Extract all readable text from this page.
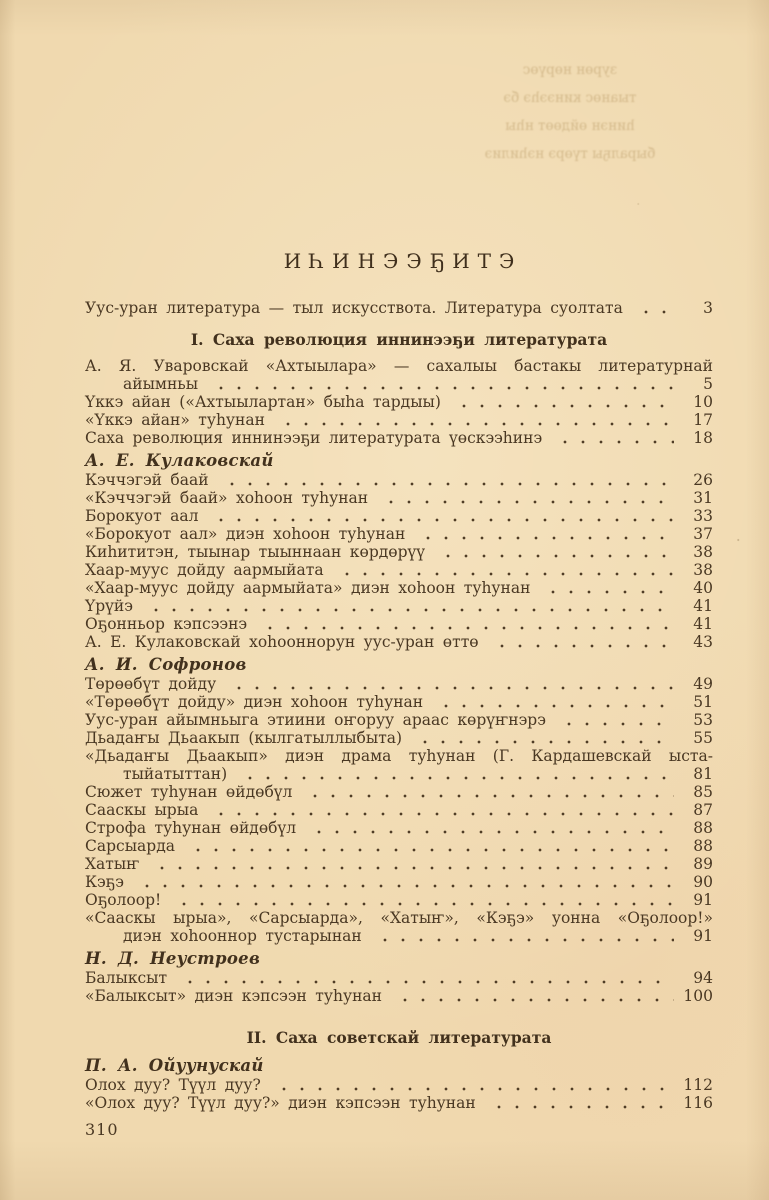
зурөн нөрүөс
тыанөс кинээһэ бэ
һинэн өйдөөт нһы
быралҕы түөрэ нэһилиэ
ИҺИНЭЭҔИТЭ
Уус-уран литература — тыл искусствота. Литература суолтата	3
I. Саха революция иннинээҕи литературата
А. Я. Уваровскай «Ахтыылара» — сахалыы бастакы литературнай
айымньы	5
Үккэ айан («Ахтыылартан» быһа тардыы)	10
«Үккэ айан» туһунан	17
Саха революция иннинээҕи литературата үөскээһинэ	18
А. Е. Кулаковскай
Кэччэгэй баай	26
«Кэччэгэй баай» хоһоон туһунан	31
Борокуот аал	33
«Борокуот аал» диэн хоһоон туһунан	37
Киһититэн, тыынар тыыннаан көрдөрүү	38
Хаар-муус дойду аармыйата	38
«Хаар-муус дойду аармыйата» диэн хоһоон туһунан	40
Үрүйэ	41
Оҕонньор кэпсээнэ	41
А. Е. Кулаковскай хоһооннорун уус-уран өттө	43
А. И. Софронов
Төрөөбүт дойду	49
«Төрөөбүт дойду» диэн хоһоон туһунан	51
Уус-уран айымньыга этиини оҥоруу араас көрүҥнэрэ	53
Дьадаҥы Дьаакып (кылгатыллыбыта)	55
«Дьадаҥы Дьаакып» диэн драма туһунан (Г. Кардашевскай ыста-
тыйатыттан)	81
Сюжет туһунан өйдөбүл	85
Сааскы ырыа	87
Строфа туһунан өйдөбүл	88
Сарсыарда	88
Хатыҥ	89
Кэҕэ	90
Оҕолоор!	91
«Сааскы ырыа», «Сарсыарда», «Хатыҥ», «Кэҕэ» уонна «Оҕолоор!»
диэн хоһооннор тустарынан	91
Н. Д. Неустроев
Балыксыт	94
«Балыксыт» диэн кэпсээн туһунан	100
II. Саха советскай литературата
П. А. Ойуунускай
Олох дуу? Түүл дуу?	112
«Олох дуу? Түүл дуу?» диэн кэпсээн туһунан	116
310
